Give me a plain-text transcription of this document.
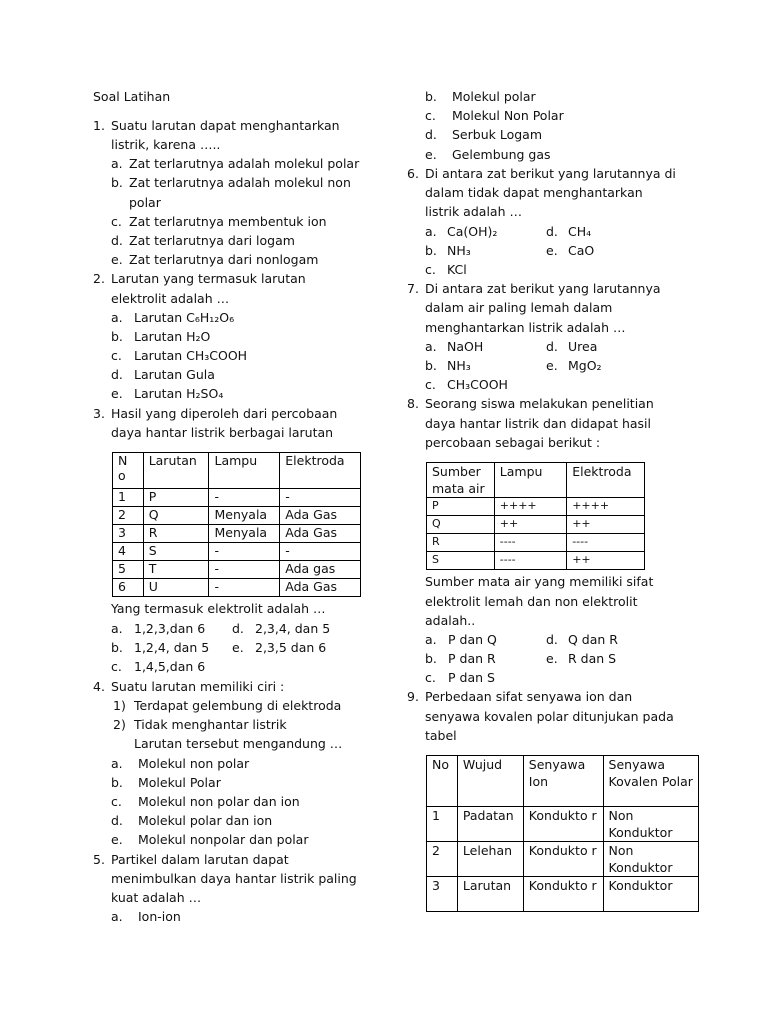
Soal Latihan
1. Suatu larutan dapat menghantarkan
listrik, karena …..
a. Zat terlarutnya adalah molekul polar
b. Zat terlarutnya adalah molekul non
polar
c. Zat terlarutnya membentuk ion
d. Zat terlarutnya dari logam
e. Zat terlarutnya dari nonlogam
2. Larutan yang termasuk larutan
elektrolit adalah …
a. Larutan C₆H₁₂O₆
b. Larutan H₂O
c. Larutan CH₃COOH
d. Larutan Gula
e. Larutan H₂SO₄
3. Hasil yang diperoleh dari percobaan
daya hantar listrik berbagai larutan
N o	Larutan	Lampu	Elektroda
1	P	-	-
2	Q	Menyala	Ada Gas
3	R	Menyala	Ada Gas
4	S	-	-
5	T	-	Ada gas
6	U	-	Ada Gas
Yang termasuk elektrolit adalah …
a. 1,2,3,dan 6 d. 2,3,4, dan 5
b. 1,2,4, dan 5 e. 2,3,5 dan 6
c. 1,4,5,dan 6
4. Suatu larutan memiliki ciri :
1) Terdapat gelembung di elektroda
2) Tidak menghantar listrik
Larutan tersebut mengandung …
a. Molekul non polar
b. Molekul Polar
c. Molekul non polar dan ion
d. Molekul polar dan ion
e. Molekul nonpolar dan polar
5. Partikel dalam larutan dapat
menimbulkan daya hantar listrik paling
kuat adalah …
a. Ion-ion
b. Molekul polar
c. Molekul Non Polar
d. Serbuk Logam
e. Gelembung gas
6. Di antara zat berikut yang larutannya di
dalam tidak dapat menghantarkan
listrik adalah …
a. Ca(OH)₂	d. CH₄
b. NH₃	e. CaO
c. KCl
7. Di antara zat berikut yang larutannya
dalam air paling lemah dalam
menghantarkan listrik adalah …
a. NaOH	d. Urea
b. NH₃	e. MgO₂
c. CH₃COOH
8. Seorang siswa melakukan penelitian
daya hantar listrik dan didapat hasil
percobaan sebagai berikut :
Sumber mata air	Lampu	Elektroda
P	++++	++++
Q	++	++
R	----	----
S	----	++
Sumber mata air yang memiliki sifat
elektrolit lemah dan non elektrolit
adalah..
a. P dan Q	d. Q dan R
b. P dan R	e. R dan S
c. P dan S
9. Perbedaan sifat senyawa ion dan
senyawa kovalen polar ditunjukan pada
tabel
No	Wujud	Senyawa Ion	Senyawa Kovalen Polar
1	Padatan	Kondukto r	Non Konduktor
2	Lelehan	Kondukto r	Non Konduktor
3	Larutan	Kondukto r	Konduktor
